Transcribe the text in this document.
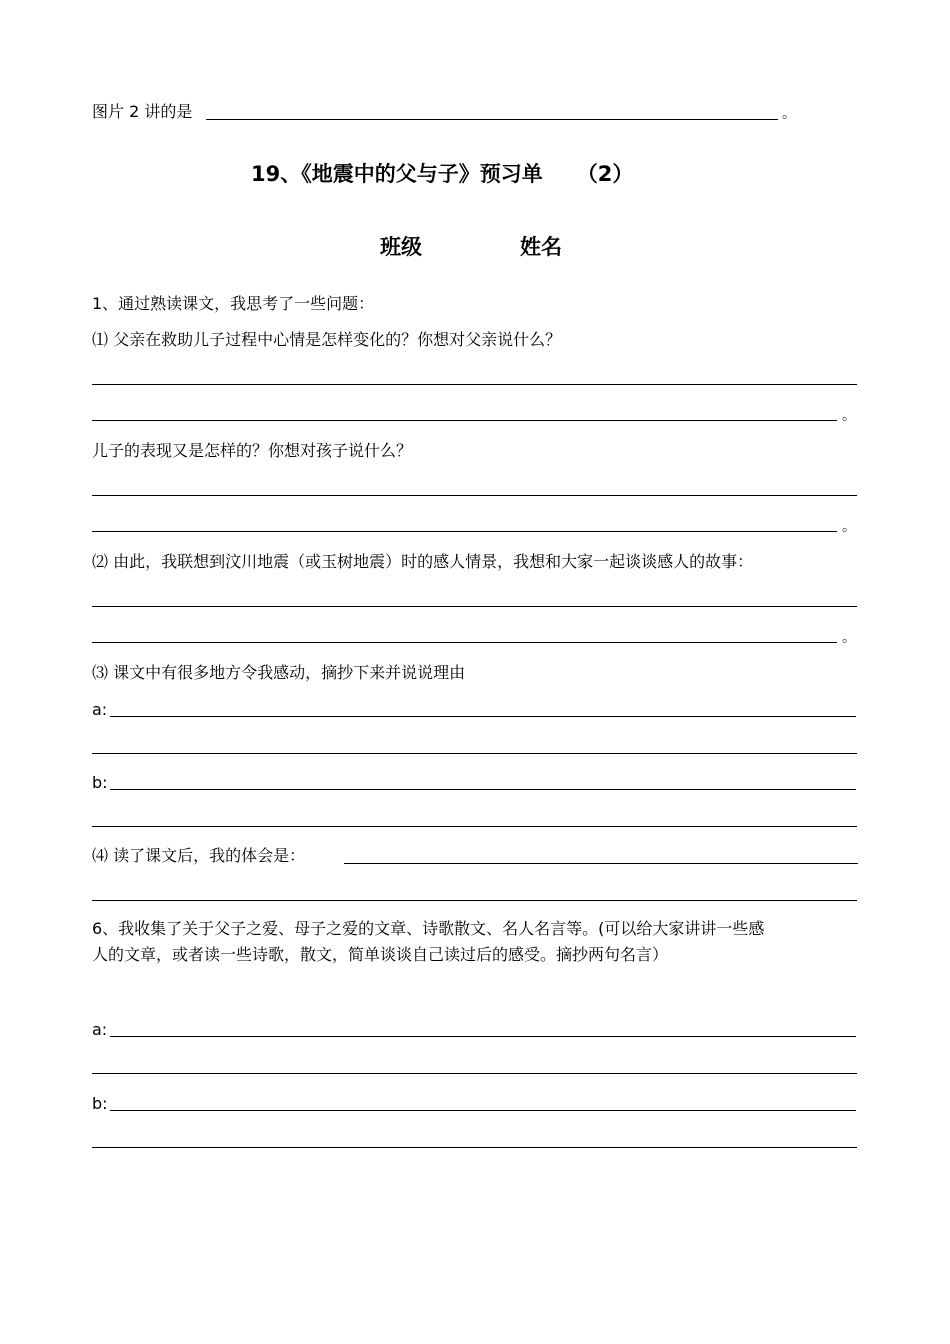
图片 2 讲的是	。
19、《地震中的父与子》预习单 （2）
班级	姓名
1、通过熟读课文，我思考了一些问题：
⑴ 父亲在救助儿子过程中心情是怎样变化的？你想对父亲说什么？
。
儿子的表现又是怎样的？你想对孩子说什么？
。
⑵ 由此，我联想到汶川地震（或玉树地震）时的感人情景，我想和大家一起谈谈感人的故事：
。
⑶ 课文中有很多地方令我感动，摘抄下来并说说理由
a:
b:
⑷ 读了课文后，我的体会是：
6、我收集了关于父子之爱、母子之爱的文章、诗歌散文、名人名言等。(可以给大家讲讲一些感
人的文章，或者读一些诗歌，散文，简单谈谈自己读过后的感受。摘抄两句名言）
a:
b:
